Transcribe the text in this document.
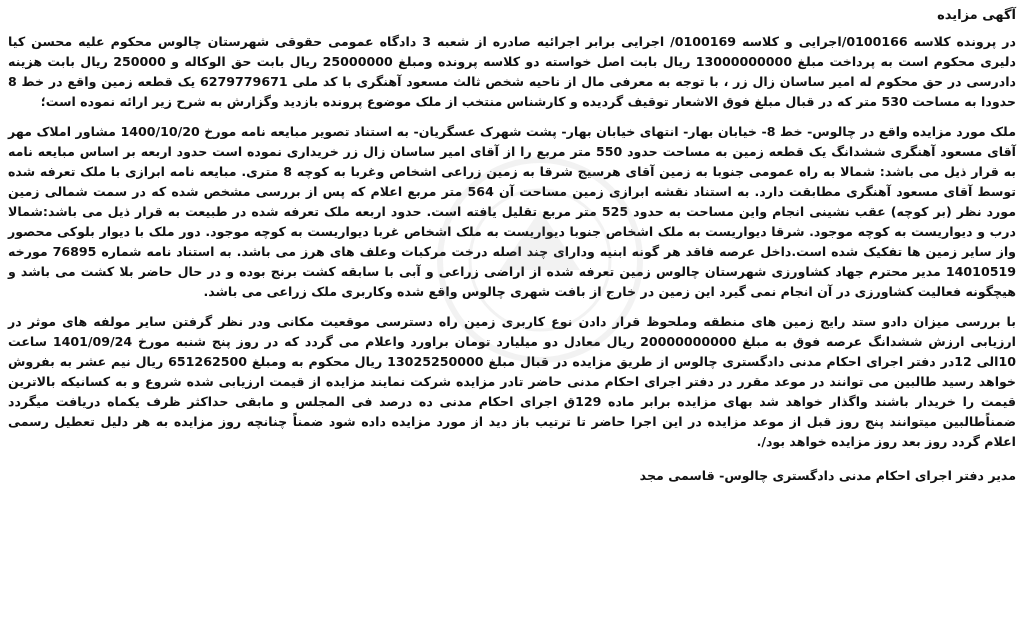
آگهی مزایده
در پرونده کلاسه 0100166/اجرایی و کلاسه 0100169/ اجرایی برابر اجرائیه صادره از شعبه 3 دادگاه عمومی حقوقی شهرستان چالوس محکوم علیه محسن کیا دلیری محکوم است به پرداخت مبلغ 13000000000 ریال بابت اصل خواسته دو کلاسه پرونده ومبلغ 25000000 ریال بابت حق الوکاله و 250000 ریال بابت هزینه دادرسی در حق محکوم له امیر ساسان زال زر ، با توجه به معرفی مال از ناحیه شخص ثالث مسعود آهنگری با کد ملی 6279779671 یک قطعه زمین واقع در خط 8 حدودا به مساحت 530 متر که در قبال مبلغ فوق الاشعار توقیف گردیده و کارشناس منتخب از ملک موضوع پرونده بازدید وگزارش به شرح زیر ارائه نموده است؛
ملک مورد مزایده واقع در چالوس- خط 8- خیابان بهار- انتهای خیابان بهار- پشت شهرک عسگریان- به استناد تصویر مبایعه نامه مورخ 1400/10/20 مشاور املاک مهر آقای مسعود آهنگری ششدانگ یک قطعه زمین به مساحت حدود 550 متر مربع را از آقای امیر ساسان زال زر خریداری نموده است حدود اربعه بر اساس مبایعه نامه به قرار ذیل می باشد: شمالا به راه عمومی جنوبا به زمین آقای هرسیج شرقا به زمین زراعی اشخاص وغربا به کوچه 8 متری. مبایعه نامه ابرازی با ملک تعرفه شده توسط آقای مسعود آهنگری مطابقت دارد. به استناد نقشه ابرازی زمین مساحت آن 564 متر مربع اعلام که پس از بررسی مشخص شده که در سمت شمالی زمین مورد نظر (بر کوچه) عقب نشینی انجام واین مساحت به حدود 525 متر مربع تقلیل یافته است. حدود اربعه ملک تعرفه شده در طبیعت به قرار ذیل می باشد:شمالا درب و دیواریست به کوچه موجود. شرقا دیواریست به ملک اشخاص جنوبا دیواریست به ملک اشخاص غربا دیواریست به کوچه موجود. دور ملک با دیوار بلوکی محصور واز سایر زمین ها تفکیک شده است.داخل عرصه فاقد هر گونه ابنیه ودارای چند اصله درخت مرکبات وعلف های هرز می باشد. به استناد نامه شماره 76895 مورخه 14010519 مدیر محترم جهاد کشاورزی شهرستان چالوس زمین تعرفه شده از اراضی زراعی و آبی با سابقه کشت برنج بوده و در حال حاضر بلا کشت می باشد و هیچگونه فعالیت کشاورزی در آن انجام نمی گیرد این زمین در خارج از بافت شهری چالوس واقع شده وکاربری ملک زراعی می باشد.
با بررسی میزان دادو ستد رایج زمین های منطقه وملحوظ قرار دادن نوع کاربری زمین راه دسترسی موقعیت مکانی ودر نظر گرفتن سایر مولفه های موثر در ارزیابی ارزش ششدانگ عرصه فوق به مبلغ 20000000000 ریال معادل دو میلیارد تومان براورد واعلام می گردد که در روز پنج شنبه مورخ 1401/09/24 ساعت 10الی 12در دفتر اجرای احکام مدنی دادگستری چالوس از طریق مزایده در قبال مبلغ 13025250000 ریال محکوم به ومبلغ 651262500 ریال نیم عشر به بفروش خواهد رسید طالبین می توانند در موعد مقرر در دفتر اجرای احکام مدنی حاضر تادر مزایده شرکت نمایند مزایده از قیمت ارزیابی شده شروع و به کسانیکه بالاترین قیمت را خریدار باشند واگذار خواهد شد بهای مزایده برابر ماده 129ق اجرای احکام مدنی ده درصد فی المجلس و مابقی حداکثر ظرف یکماه دریافت میگردد ضمناًطالبین میتوانند پنج روز قبل از موعد مزایده در این اجرا حاضر تا ترتیب باز دید از مورد مزایده داده شود ضمناً چنانچه روز مزایده به هر دلیل تعطیل رسمی اعلام گردد روز بعد روز مزایده خواهد بود/.
مدیر دفتر اجرای احکام مدنی دادگستری چالوس- قاسمی مجد
